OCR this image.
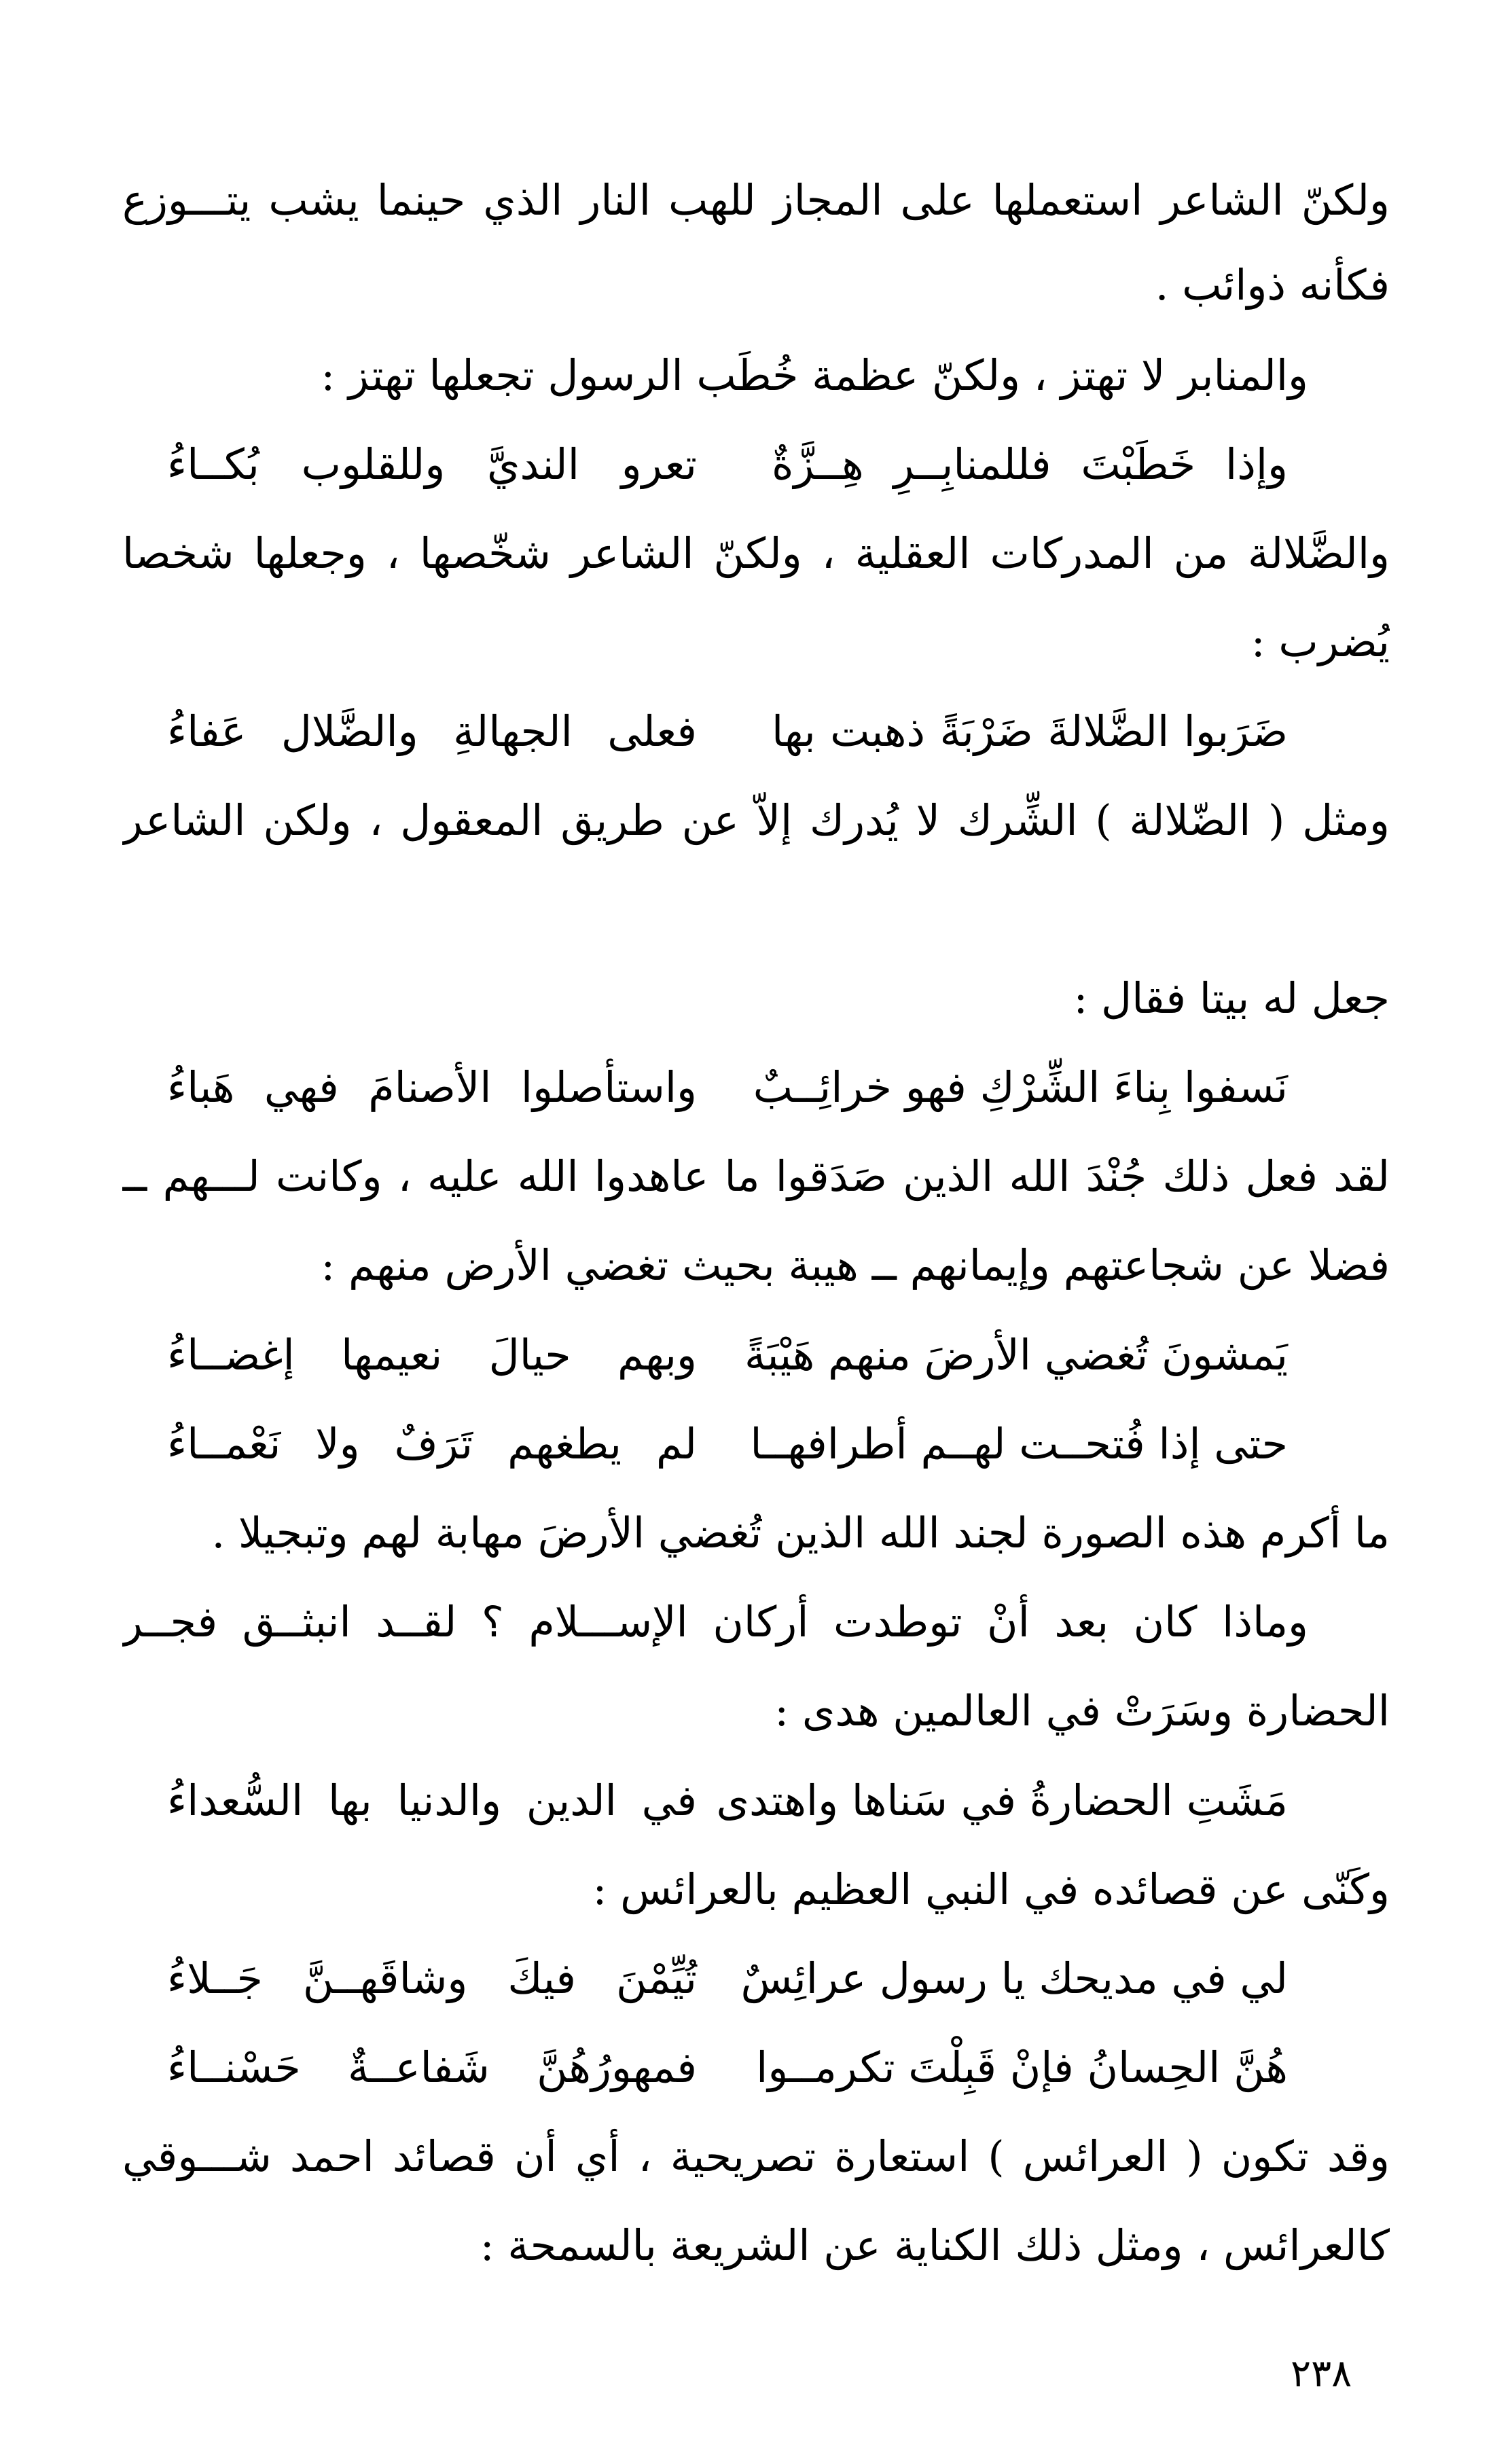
ولكنّ الشاعر استعملها على المجاز للهب النار الذي حينما يشب يتـــوزع
فكأنه ذوائب .
والمنابر لا تهتز ، ولكنّ عظمة خُطَب الرسول تجعلها تهتز :
وإذا خَطَبْتَ فللمنابِــرِ هِــزَّةٌ
تعرو النديَّ وللقلوب بُكــاءُ
والضَّلالة من المدركات العقلية ، ولكنّ الشاعر شخّصها ، وجعلها شخصا
يُضرب :
ضَرَبوا الضَّلالةَ ضَرْبَةً ذهبت بها
فعلى الجهالةِ والضَّلال عَفاءُ
ومثل ( الضّلالة ) الشِّرك لا يُدرك إلاّ عن طريق المعقول ، ولكن الشاعر
جعل له بيتا فقال :
نَسفوا بِناءَ الشِّرْكِ فهو خرائِــبٌ
واستأصلوا الأصنامَ فهي هَباءُ
لقد فعل ذلك جُنْدَ الله الذين صَدَقوا ما عاهدوا الله عليه ، وكانت لـــهم ــ
فضلا عن شجاعتهم وإيمانهم ــ هيبة بحيث تغضي الأرض منهم :
يَمشونَ تُغضي الأرضَ منهم هَيْبَةً
وبهم حيالَ نعيمها إغضــاءُ
حتى إذا فُتحــت لهــم أطرافهــا
لم يطغهم تَرَفٌ ولا نَعْمــاءُ
ما أكرم هذه الصورة لجند الله الذين تُغضي الأرضَ مهابة لهم وتبجيلا .
وماذا كان بعد أنْ توطدت أركان الإســـلام ؟ لقــد انبثــق فجــر
الحضارة وسَرَتْ في العالمين هدى :
مَشَتِ الحضارةُ في سَناها واهتدى
في الدين والدنيا بها السُّعداءُ
وكَنّى عن قصائده في النبي العظيم بالعرائس :
لي في مديحك يا رسول عرائِسٌ
تُيِّمْنَ فيكَ وشاقَهــنَّ جَــلاءُ
هُنَّ الحِسانُ فإنْ قَبِلْتَ تكرمــوا
فمهورُهُنَّ شَفاعــةٌ حَسْنــاءُ
وقد تكون ( العرائس ) استعارة تصريحية ، أي أن قصائد احمد شـــوقي
كالعرائس ، ومثل ذلك الكناية عن الشريعة بالسمحة :
٢٣٨
